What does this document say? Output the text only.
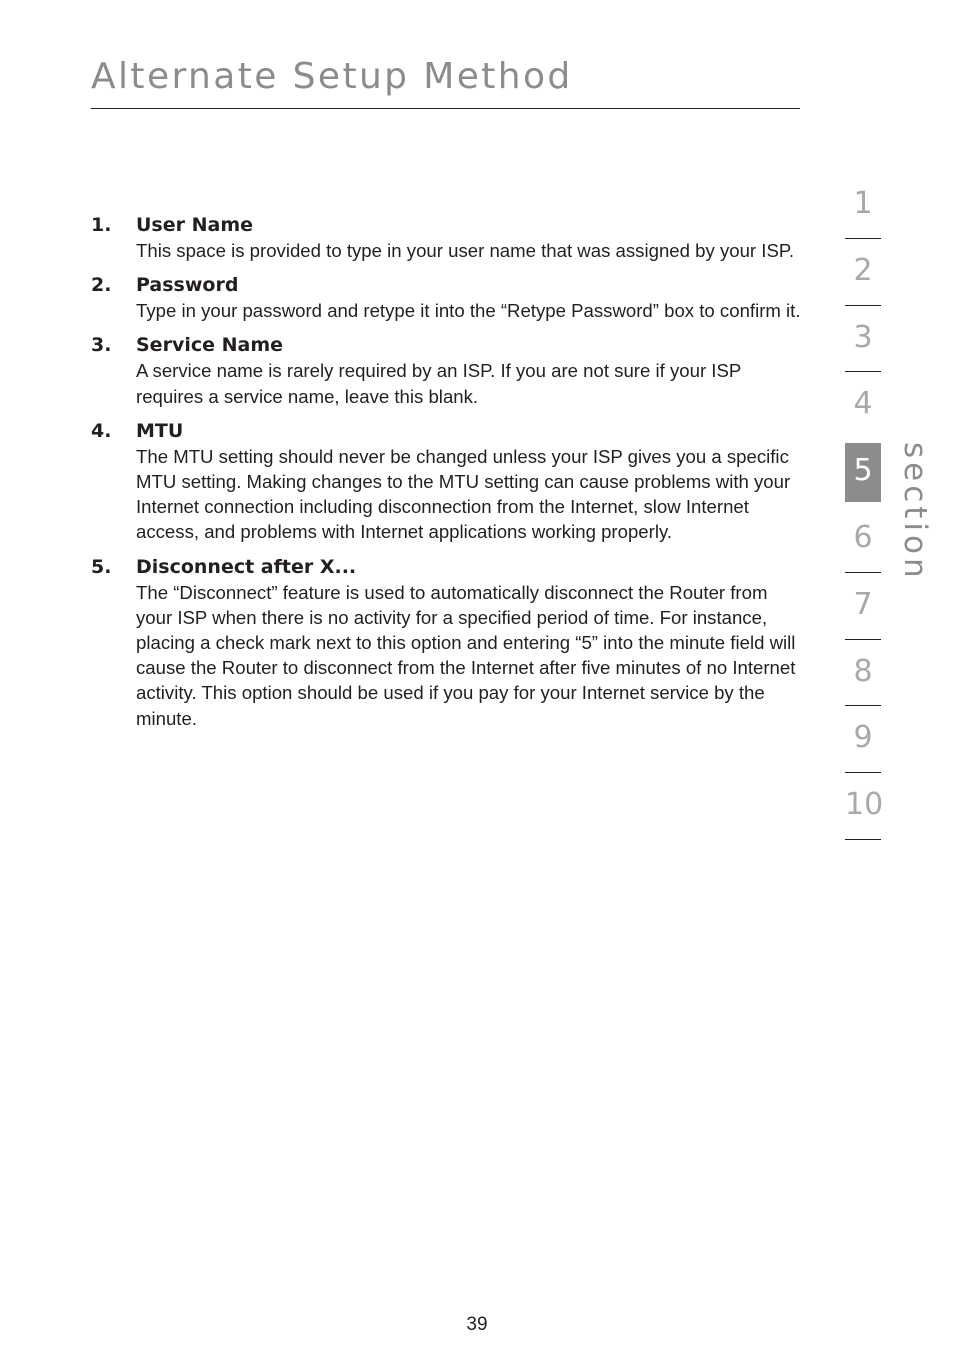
Alternate Setup Method
1. User Name

This space is provided to type in your user name that was assigned by your ISP.

2. Password

Type in your password and retype it into the “Retype Password” box to confirm it.

3. Service Name

A service name is rarely required by an ISP. If you are not sure if your ISP requires a service name, leave this blank.

4. MTU

The MTU setting should never be changed unless your ISP gives you a specific MTU setting. Making changes to the MTU setting can cause problems with your Internet connection including disconnection from the Internet, slow Internet access, and problems with Internet applications working properly.

5. Disconnect after X...

The “Disconnect” feature is used to automatically disconnect the Router from your ISP when there is no activity for a specified period of time. For instance, placing a check mark next to this option and entering “5” into the minute field will cause the Router to disconnect from the Internet after five minutes of no Internet activity. This option should be used if you pay for your Internet service by the minute.

1
2
3
4
5
6
7
8
9
10
section
39
